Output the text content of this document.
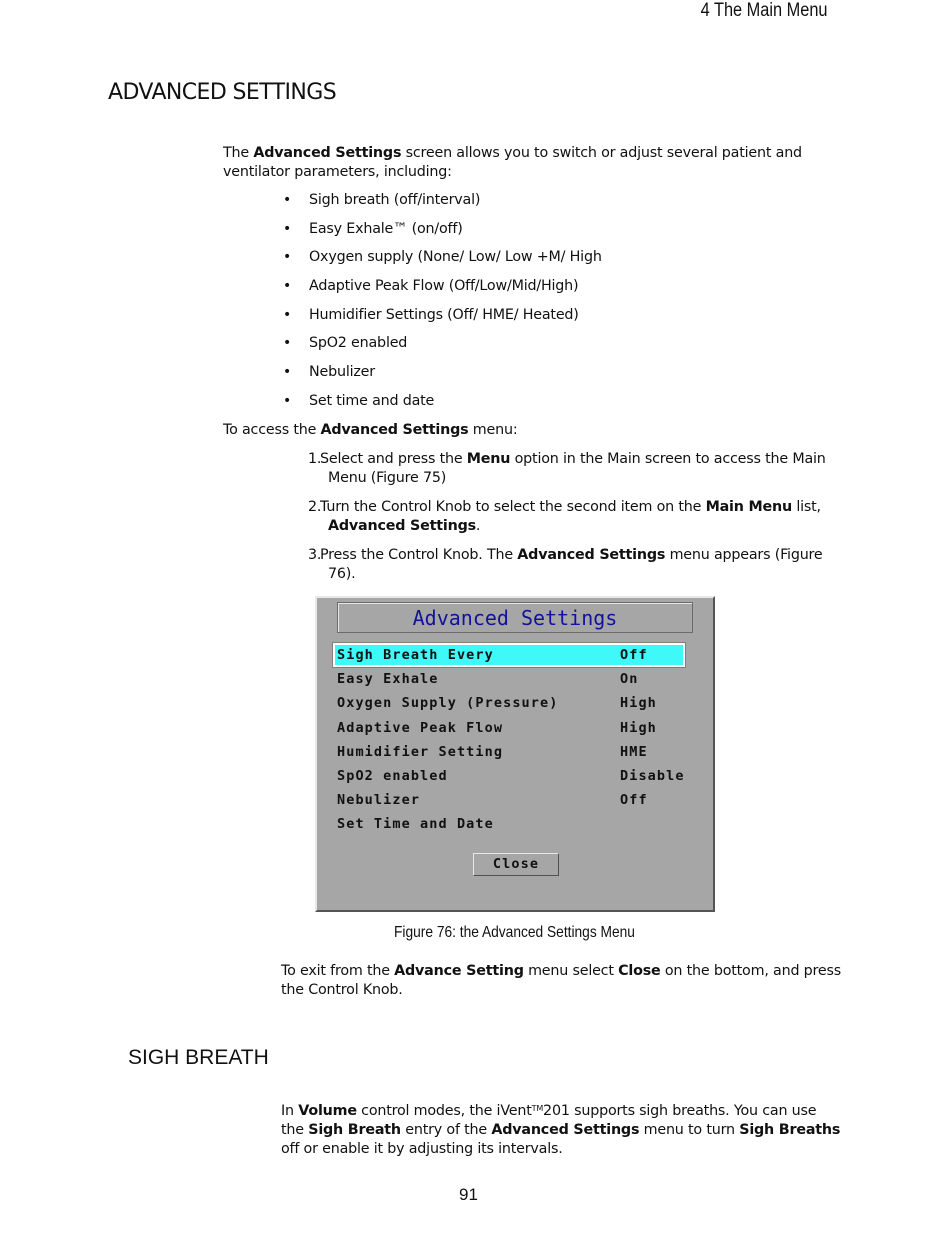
4 The Main Menu
ADVANCED SETTINGS
The Advanced Settings screen allows you to switch or adjust several patient and ventilator parameters, including:
• Sigh breath (off/interval)
• Easy Exhale™ (on/off)
• Oxygen supply (None/ Low/ Low +M/ High
• Adaptive Peak Flow (Off/Low/Mid/High)
• Humidifier Settings (Off/ HME/ Heated)
• SpO2 enabled
• Nebulizer
• Set time and date
To access the Advanced Settings menu:
1.Select and press the Menu option in the Main screen to access the Main Menu (Figure 75)
2.Turn the Control Knob to select the second item on the Main Menu list, Advanced Settings.
3.Press the Control Knob. The Advanced Settings menu appears (Figure 76).
Advanced Settings
Sigh Breath Every	Off
Easy Exhale	On
Oxygen Supply (Pressure)	High
Adaptive Peak Flow	High
Humidifier Setting	HME
SpO2 enabled	Disable
Nebulizer	Off
Set Time and Date
Close
Figure 76: the Advanced Settings Menu
To exit from the Advance Setting menu select Close on the bottom, and press the Control Knob.
SIGH BREATH
In Volume control modes, the iVent™201 supports sigh breaths. You can use the Sigh Breath entry of the Advanced Settings menu to turn Sigh Breaths off or enable it by adjusting its intervals.
91
